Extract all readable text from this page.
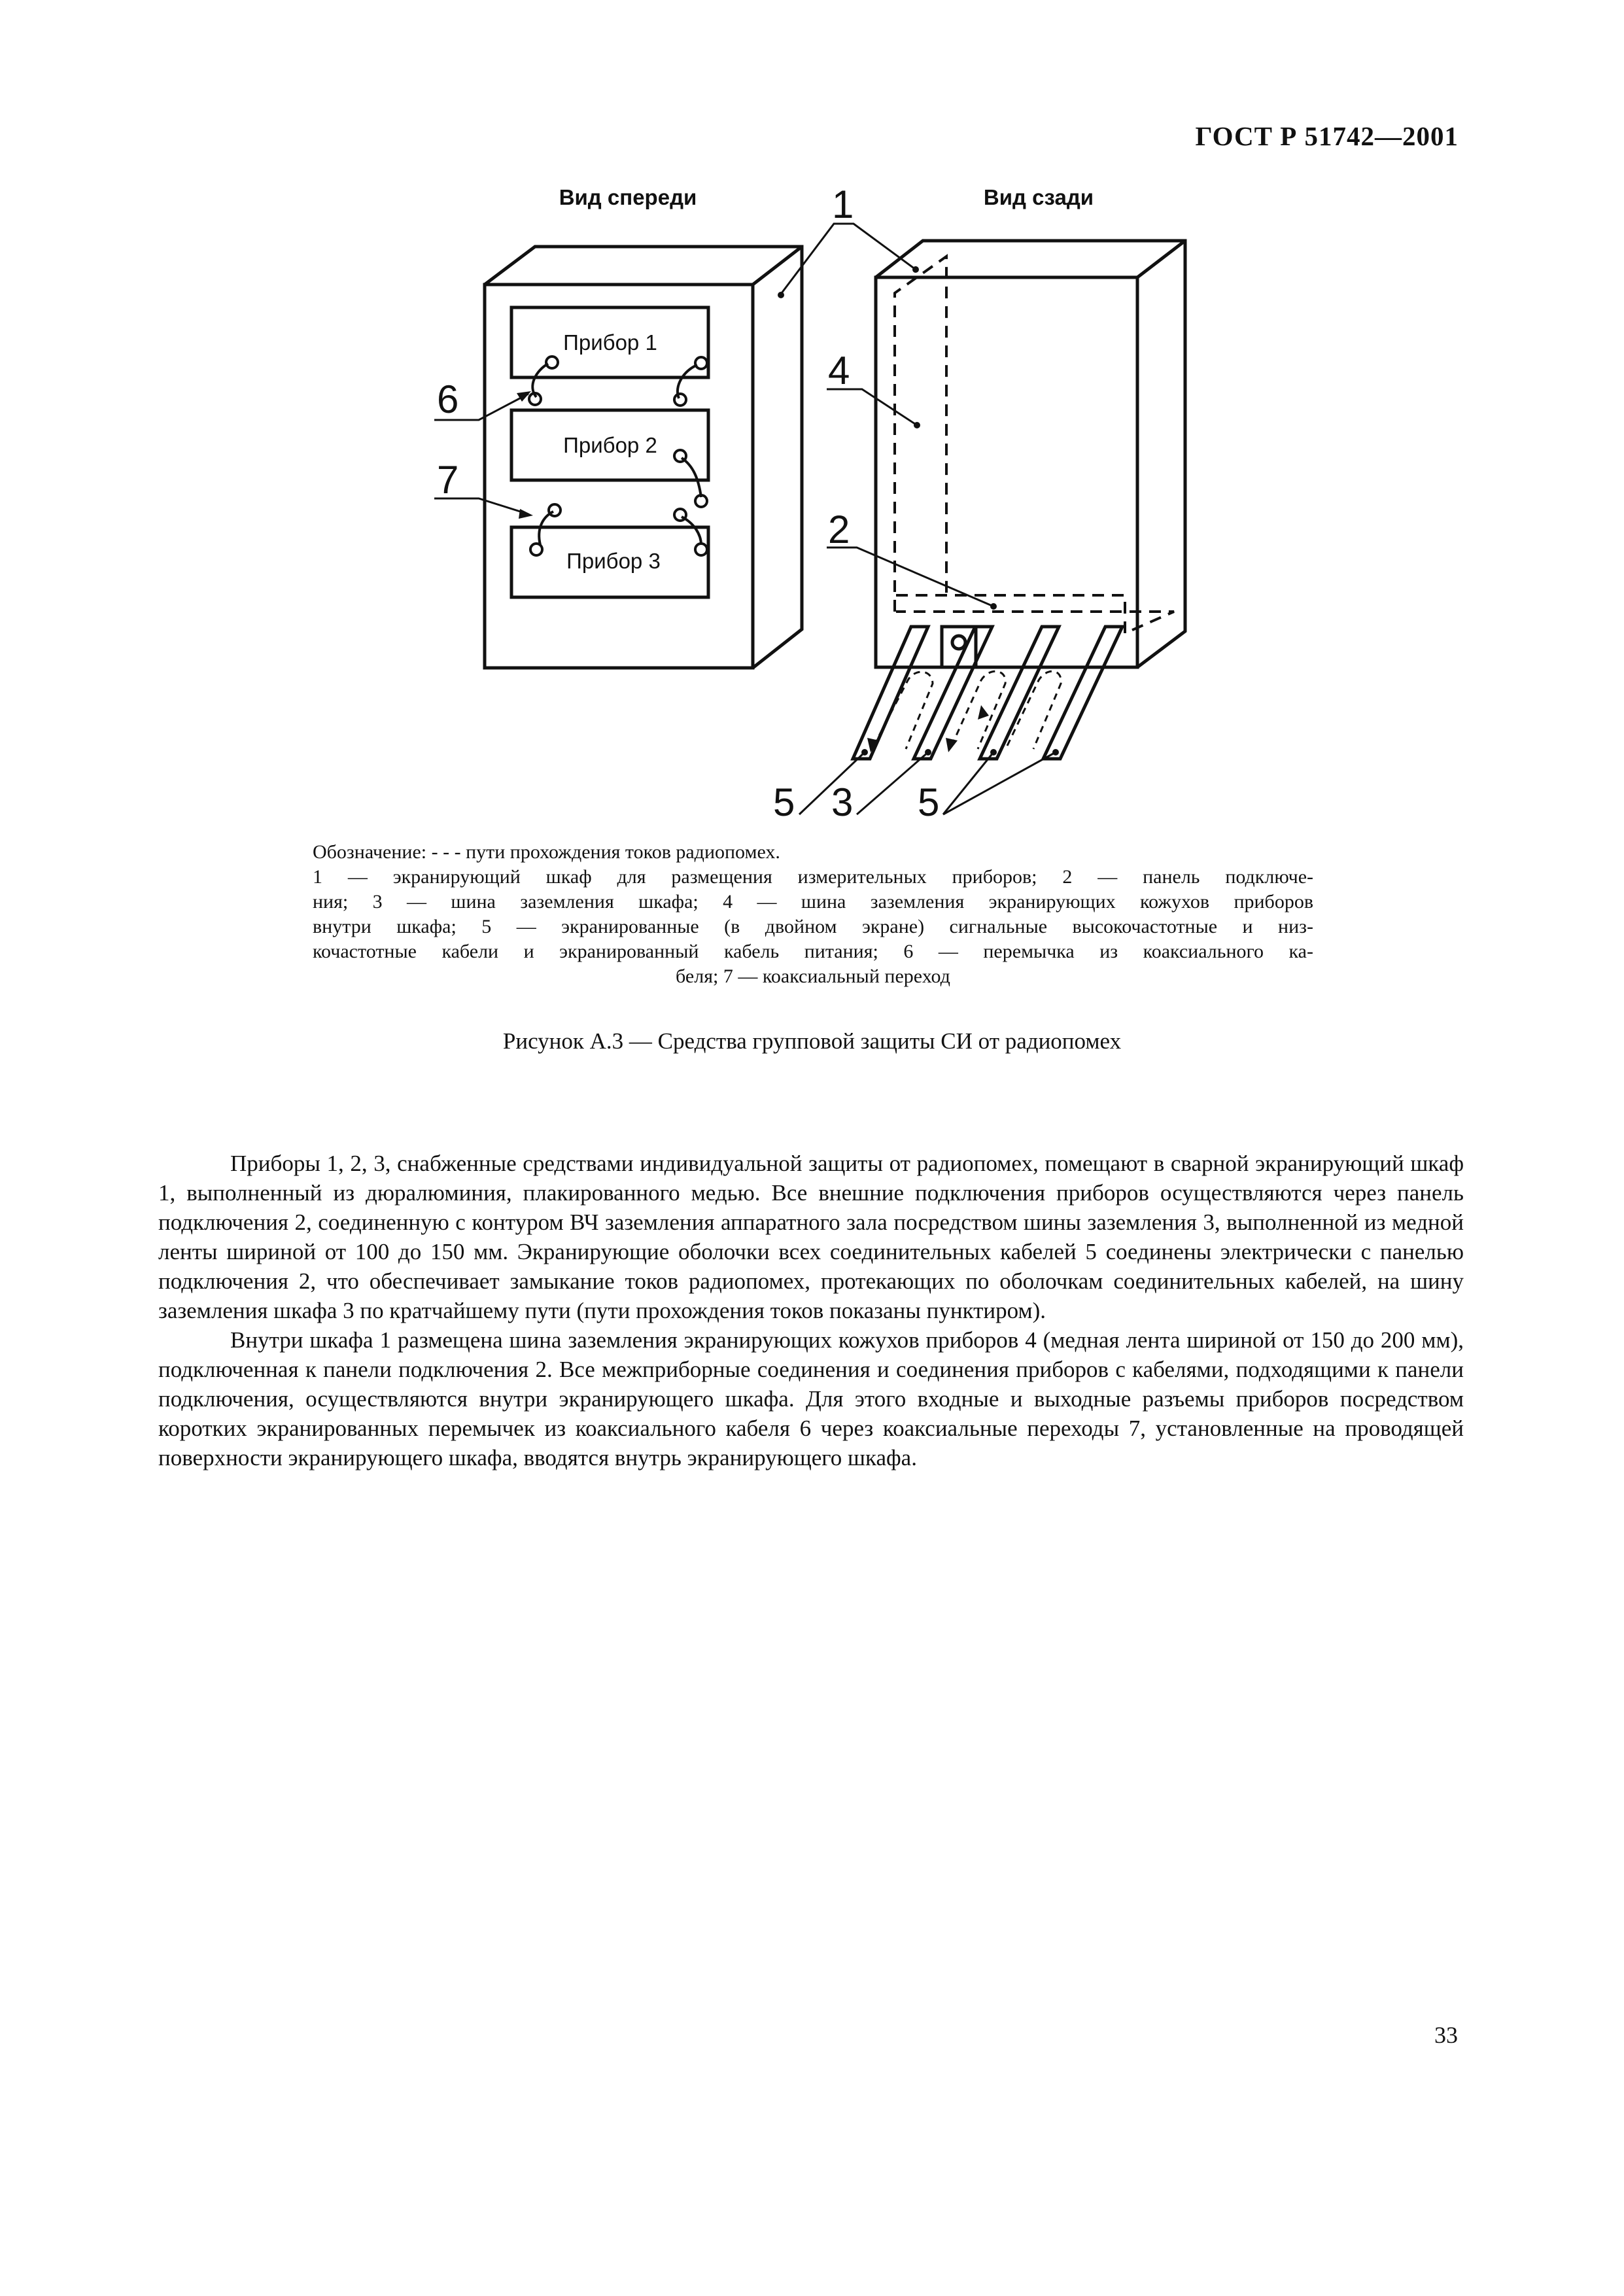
ГОСТ Р 51742—2001
Вид спереди	Вид сзади
Прибор 1
Прибор 2
Прибор 3
6
7
1
4
2
5 3 5
Обозначение: - - - пути прохождения токов радиопомех.
1 — экранирующий шкаф для размещения измерительных приборов; 2 — панель подключе-
ния; 3 — шина заземления шкафа; 4 — шина заземления экранирующих кожухов приборов
внутри шкафа; 5 — экранированные (в двойном экране) сигнальные высокочастотные и низ-
кочастотные кабели и экранированный кабель питания; 6 — перемычка из коаксиального ка-
беля; 7 — коаксиальный переход
Рисунок А.3 — Средства групповой защиты СИ от радиопомех

Приборы 1, 2, 3, снабженные средствами индивидуальной защиты от радиопомех, помещают в сварной экранирующий шкаф 1, выполненный из дюралюминия, плакированного медью. Все внешние подключения приборов осуществляются через панель подключения 2, соединенную с контуром ВЧ заземления аппаратного зала посредством шины заземления 3, выполненной из медной ленты шириной от 100 до 150 мм. Экранирующие оболочки всех соединительных кабелей 5 соединены электрически с панелью подключения 2, что обеспечивает замыкание токов радиопомех, протекающих по оболочкам соединительных кабелей, на шину заземления шкафа 3 по кратчайшему пути (пути прохождения токов показаны пунктиром).

Внутри шкафа 1 размещена шина заземления экранирующих кожухов приборов 4 (медная лента шириной от 150 до 200 мм), подключенная к панели подключения 2. Все межприборные соединения и соединения приборов с кабелями, подходящими к панели подключения, осуществляются внутри экранирующего шкафа. Для этого входные и выходные разъемы приборов посредством коротких экранированных перемычек из коаксиального кабеля 6 через коаксиальные переходы 7, установленные на проводящей поверхности экранирующего шкафа, вводятся внутрь экранирующего шкафа.

33
